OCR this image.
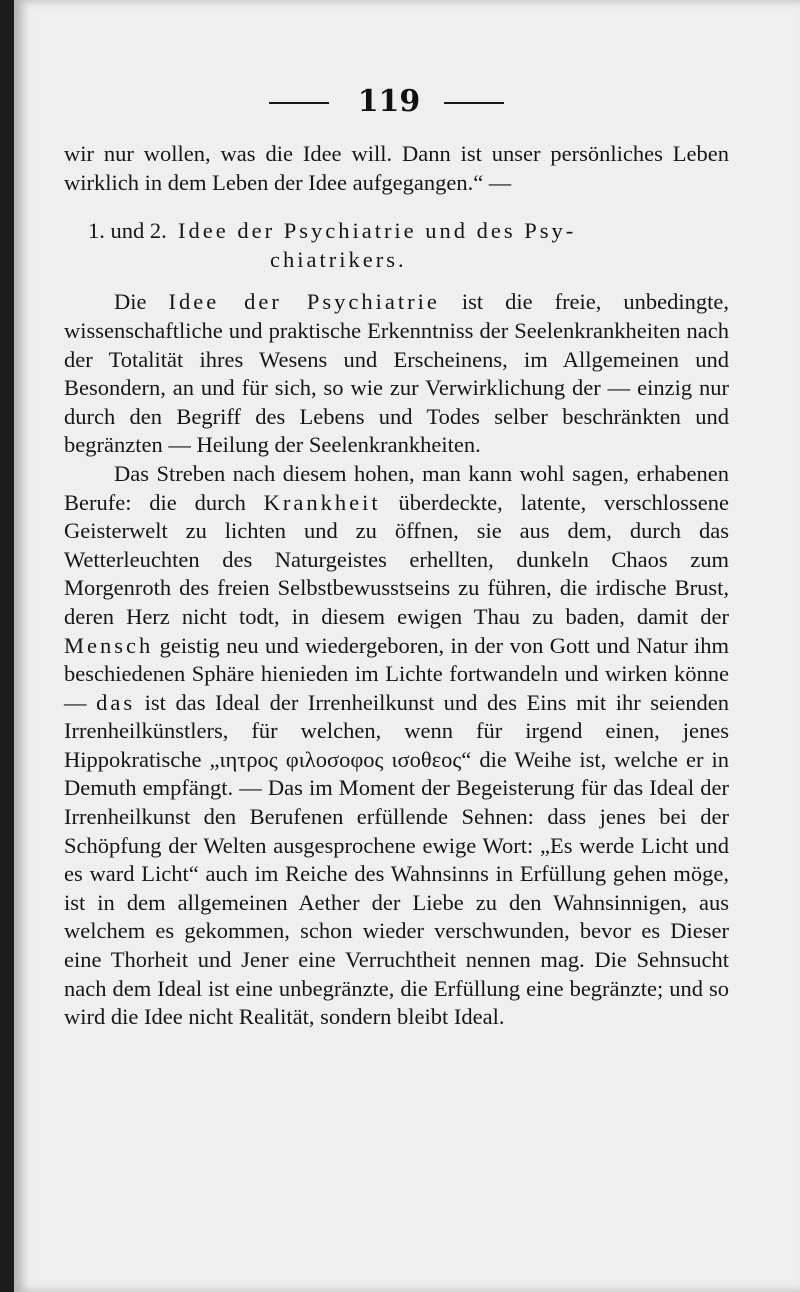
119

wir nur wollen, was die Idee will. Dann ist unser persönliches Leben wirklich in dem Leben der Idee aufgegangen.“ —

1. und 2. Idee der Psychiatrie und des Psy-
chiatrikers.

Die Idee der Psychiatrie ist die freie, unbedingte, wissenschaftliche und praktische Erkenntniss der Seelenkrankheiten nach der Totalität ihres Wesens und Erscheinens, im Allgemeinen und Besondern, an und für sich, so wie zur Verwirklichung der — einzig nur durch den Begriff des Lebens und Todes selber beschränkten und begränzten — Heilung der Seelenkrankheiten.

Das Streben nach diesem hohen, man kann wohl sagen, erhabenen Berufe: die durch Krankheit überdeckte, latente, verschlossene Geisterwelt zu lichten und zu öffnen, sie aus dem, durch das Wetterleuchten des Naturgeistes erhellten, dunkeln Chaos zum Morgenroth des freien Selbstbewusstseins zu führen, die irdische Brust, deren Herz nicht todt, in diesem ewigen Thau zu baden, damit der Mensch geistig neu und wiedergeboren, in der von Gott und Natur ihm beschiedenen Sphäre hienieden im Lichte fortwandeln und wirken könne — das ist das Ideal der Irrenheilkunst und des Eins mit ihr seienden Irrenheilkünstlers, für welchen, wenn für irgend einen, jenes Hippokratische „ιητρος φιλοσοφος ισοθεος“ die Weihe ist, welche er in Demuth empfängt. — Das im Moment der Begeisterung für das Ideal der Irrenheilkunst den Berufenen erfüllende Sehnen: dass jenes bei der Schöpfung der Welten ausgesprochene ewige Wort: „Es werde Licht und es ward Licht“ auch im Reiche des Wahnsinns in Erfüllung gehen möge, ist in dem allgemeinen Aether der Liebe zu den Wahnsinnigen, aus welchem es gekommen, schon wieder verschwunden, bevor es Dieser eine Thorheit und Jener eine Verruchtheit nennen mag. Die Sehnsucht nach dem Ideal ist eine unbegränzte, die Erfüllung eine begränzte; und so wird die Idee nicht Realität, sondern bleibt Ideal.
